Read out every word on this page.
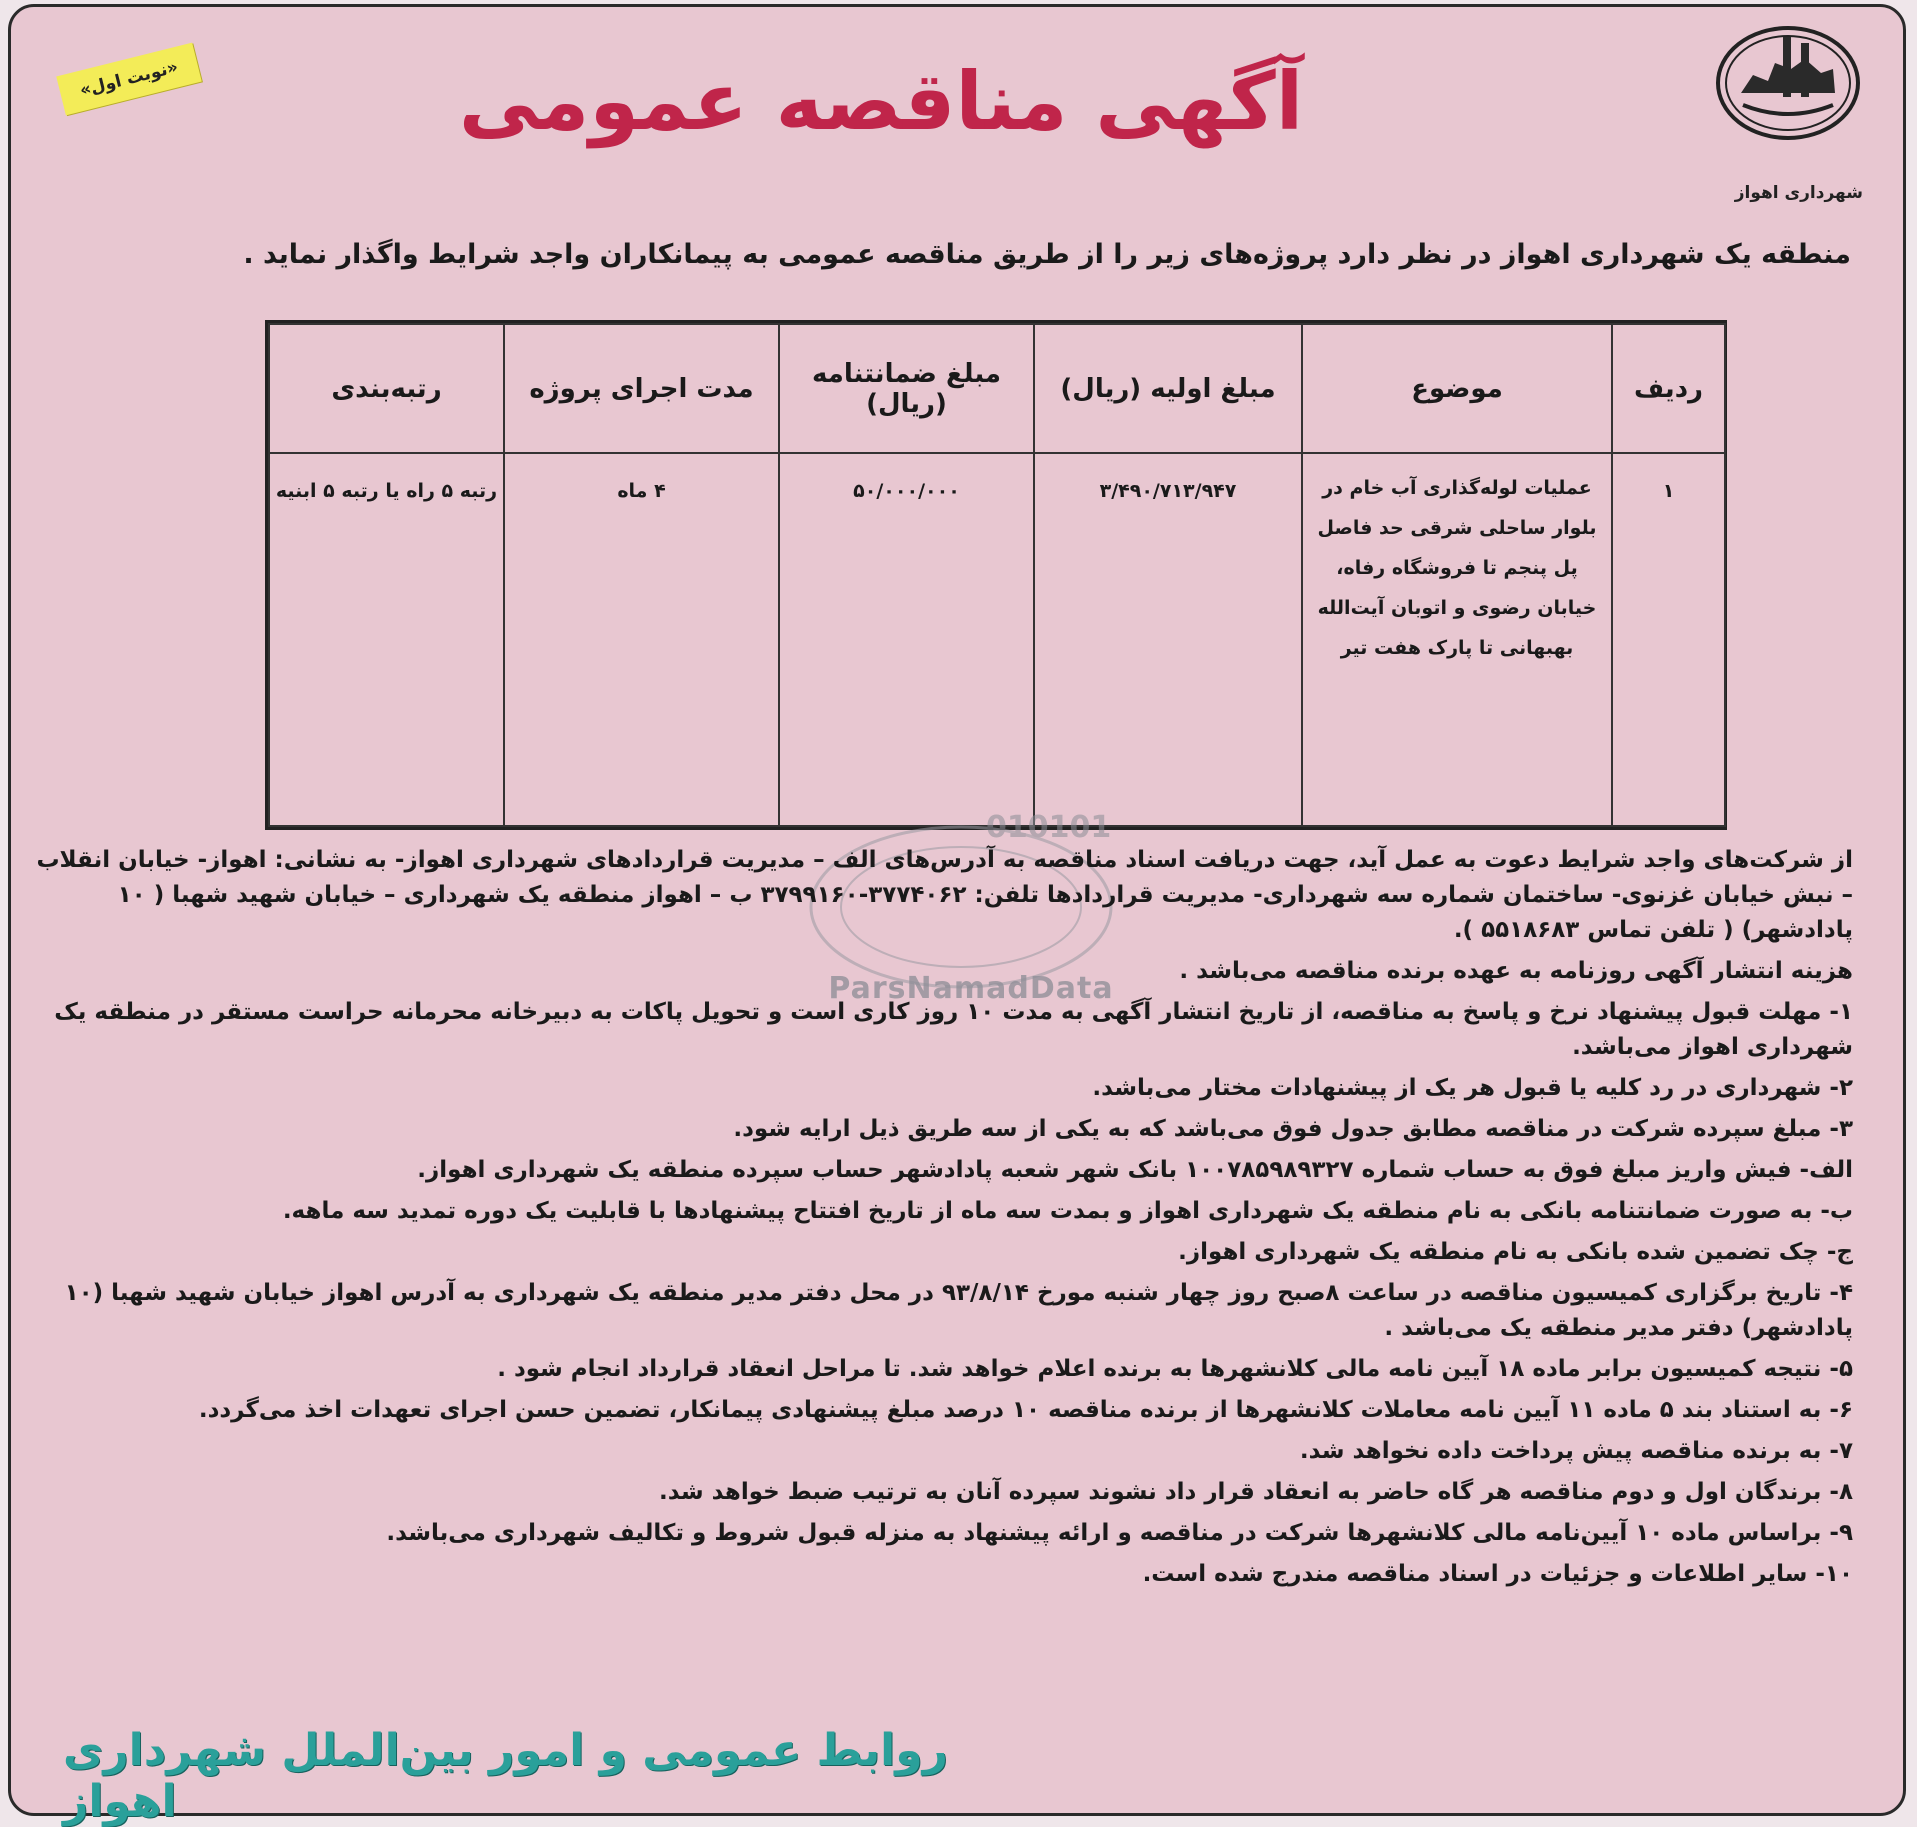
شهرداری اهواز
«نوبت اول»	آگهی مناقصه عمومی
منطقه یک شهرداری اهواز در نظر دارد پروژه‌های زیر را از طریق مناقصه عمومی به پیمانکاران واجد شرایط واگذار نماید .
ردیف	موضوع	مبلغ اولیه (ریال)	مبلغ ضمانتنامه (ریال)	مدت اجرای پروژه	رتبه‌بندی
۱	عملیات لوله‌گذاری آب خام در بلوار ساحلی شرقی حد فاصل پل پنجم تا فروشگاه رفاه، خیابان رضوی و اتوبان آیت‌الله بهبهانی تا پارک هفت تیر	۳/۴۹۰/۷۱۳/۹۴۷	۵۰/۰۰۰/۰۰۰	۴ ماه	رتبه ۵ راه یا رتبه ۵ ابنیه
010101
ParsNamadData

از شرکت‌های واجد شرایط دعوت به عمل آید، جهت دریافت اسناد مناقصه به آدرس‌های الف – مدیریت قراردادهای شهرداری اهواز- به نشانی: اهواز- خیابان انقلاب – نبش خیابان غزنوی- ساختمان شماره سه شهرداری- مدیریت قراردادها تلفن: ۳۷۷۴۰۶۲-۳۷۹۹۱۶۰ ب – اهواز منطقه یک شهرداری – خیابان شهید شهبا ( ۱۰ پادادشهر) ( تلفن تماس ۵۵۱۸۶۸۳ ).

هزینه انتشار آگهی روزنامه به عهده برنده مناقصه می‌باشد .

۱- مهلت قبول پیشنهاد نرخ و پاسخ به مناقصه، از تاریخ انتشار آگهی به مدت ۱۰ روز کاری است و تحویل پاکات به دبیرخانه محرمانه حراست مستقر در منطقه یک شهرداری اهواز می‌باشد.

۲- شهرداری در رد کلیه یا قبول هر یک از پیشنهادات مختار می‌باشد.

۳- مبلغ سپرده شرکت در مناقصه مطابق جدول فوق می‌باشد که به یکی از سه طریق ذیل ارایه شود.

الف- فیش واریز مبلغ فوق به حساب شماره ۱۰۰۷۸۵۹۸۹۳۲۷ بانک شهر شعبه پادادشهر حساب سپرده منطقه یک شهرداری اهواز.

ب- به صورت ضمانتنامه بانکی به نام منطقه یک شهرداری اهواز و بمدت سه ماه از تاریخ افتتاح پیشنهادها با قابلیت یک دوره تمدید سه ماهه.

ج- چک تضمین شده بانکی به نام منطقه یک شهرداری اهواز.

۴- تاریخ برگزاری کمیسیون مناقصه در ساعت ۸صبح روز چهار شنبه مورخ ۹۳/۸/۱۴ در محل دفتر مدیر منطقه یک شهرداری به آدرس اهواز خیابان شهید شهبا (۱۰ پادادشهر) دفتر مدیر منطقه یک می‌باشد .

۵- نتیجه کمیسیون برابر ماده ۱۸ آیین نامه مالی کلانشهرها به برنده اعلام خواهد شد. تا مراحل انعقاد قرارداد انجام شود .

۶- به استناد بند ۵ ماده ۱۱ آیین نامه معاملات کلانشهرها از برنده مناقصه ۱۰ درصد مبلغ پیشنهادی پیمانکار، تضمین حسن اجرای تعهدات اخذ می‌گردد.

۷- به برنده مناقصه پیش پرداخت داده نخواهد شد.

۸- برندگان اول و دوم مناقصه هر گاه حاضر به انعقاد قرار داد نشوند سپرده آنان به ترتیب ضبط خواهد شد.

۹- براساس ماده ۱۰ آیین‌نامه مالی کلانشهرها شرکت در مناقصه و ارائه پیشنهاد به منزله قبول شروط و تکالیف شهرداری می‌باشد.

۱۰- سایر اطلاعات و جزئیات در اسناد مناقصه مندرج شده است.

روابط عمومی و امور بین‌الملل شهرداری اهواز
